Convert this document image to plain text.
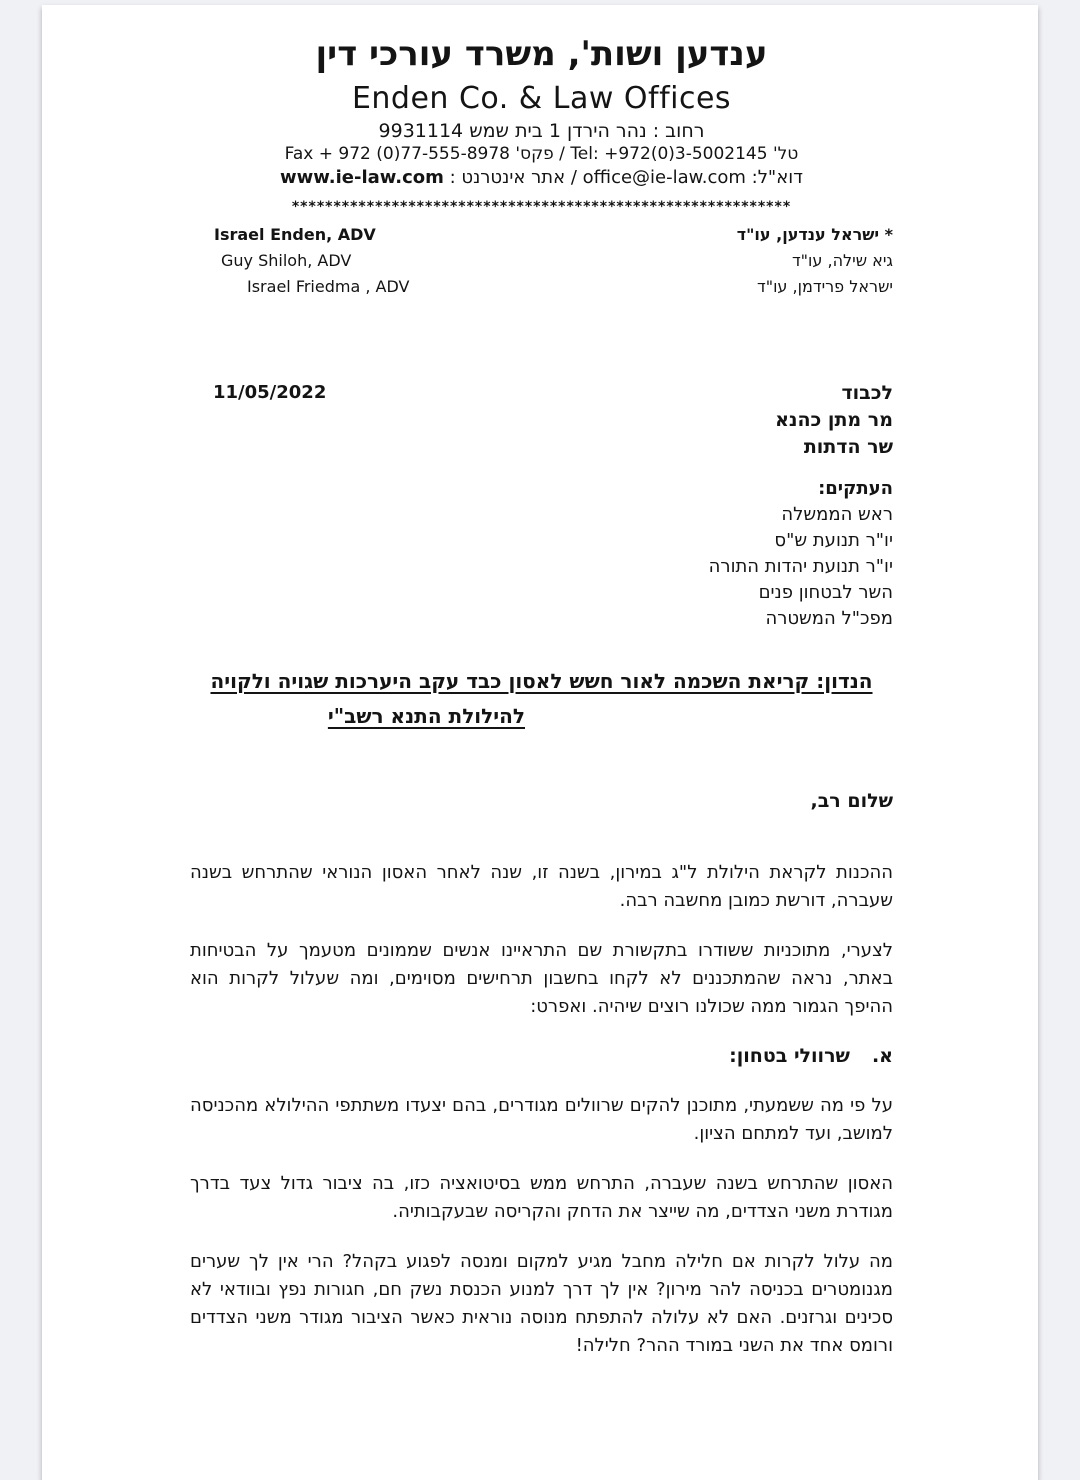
ענדען ושות', משרד עורכי דין
Enden Co. & Law Offices
רחוב : נהר הירדן 1 בית שמש 9931114
טל' Tel: +972(0)3-5002145 / פקס' Fax + 972 (0)77-555-8978
דוא"ל: office@ie-law.com / אתר אינטרנט : www.ie-law.com
************************************************************
Israel Enden, ADV
Guy Shiloh, ADV
Israel Friedma , ADV
* ישראל ענדען, עו"ד
גיא שילה, עו"ד
ישראל פרידמן, עו"ד
11/05/2022	לכבוד
מר מתן כהנא
שר הדתות
העתקים:
ראש הממשלה
יו"ר תנועת ש"ס
יו"ר תנועת יהדות התורה
השר לבטחון פנים
מפכ"ל המשטרה
הנדון: קריאת השכמה לאור חשש לאסון כבד עקב היערכות שגויה ולקויה
להילולת התנא רשב"י
שלום רב,

ההכנות לקראת הילולת ל"ג במירון, בשנה זו, שנה לאחר האסון הנוראי שהתרחש בשנה שעברה, דורשת כמובן מחשבה רבה.

לצערי, מתוכניות ששודרו בתקשורת שם התראיינו אנשים שממונים מטעמך על הבטיחות באתר, נראה שהמתכננים לא לקחו בחשבון תרחישים מסוימים, ומה שעלול לקרות הוא ההיפך הגמור ממה שכולנו רוצים שיהיה. ואפרט:

א.שרוולי בטחון:

על פי מה ששמעתי, מתוכנן להקים שרוולים מגודרים, בהם יצעדו משתתפי ההילולא מהכניסה למושב, ועד למתחם הציון.

האסון שהתרחש בשנה שעברה, התרחש ממש בסיטואציה כזו, בה ציבור גדול צעד בדרך מגודרת משני הצדדים, מה שייצר את הדחק והקריסה שבעקבותיה.

מה עלול לקרות אם חלילה מחבל מגיע למקום ומנסה לפגוע בקהל? הרי אין לך שערים מגנומטרים בכניסה להר מירון? אין לך דרך למנוע הכנסת נשק חם, חגורות נפץ ובוודאי לא סכינים וגרזנים. האם לא עלולה להתפתח מנוסה נוראית כאשר הציבור מגודר משני הצדדים ורומס אחד את השני במורד ההר? חלילה!
